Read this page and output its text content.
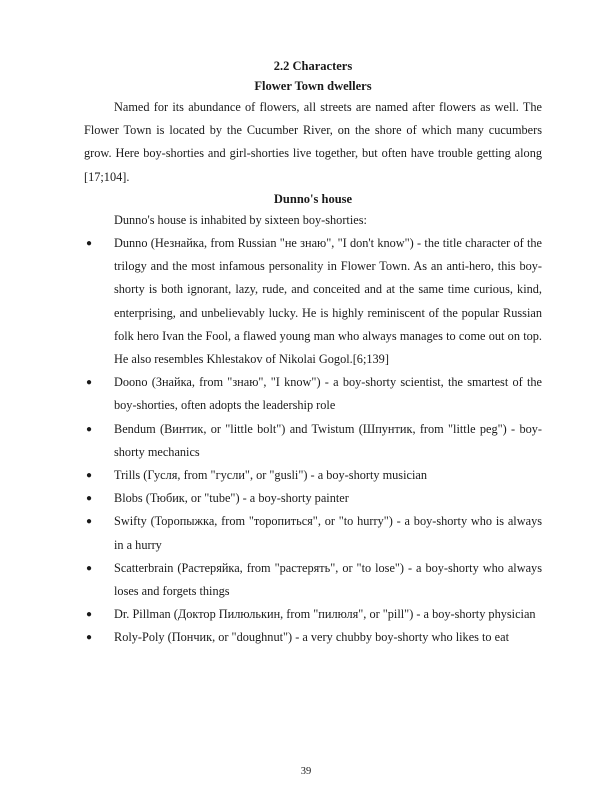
2.2 Characters
Flower Town dwellers

Named for its abundance of flowers, all streets are named after flowers as well. The Flower Town is located by the Cucumber River, on the shore of which many cucumbers grow. Here boy-shorties and girl-shorties live together, but often have trouble getting along [17;104].

Dunno's house

Dunno's house is inhabited by sixteen boy-shorties:

● Dunno (Незнайка, from Russian "не знаю", "I don't know") - the title character of the trilogy and the most infamous personality in Flower Town. As an anti-hero, this boy-shorty is both ignorant, lazy, rude, and conceited and at the same time curious, kind, enterprising, and unbelievably lucky. He is highly reminiscent of the popular Russian folk hero Ivan the Fool, a flawed young man who always manages to come out on top. He also resembles Khlestakov of Nikolai Gogol.[6;139]
● Doono (Знайка, from "знаю", "I know") - a boy-shorty scientist, the smartest of the boy-shorties, often adopts the leadership role
● Bendum (Винтик, or "little bolt") and Twistum (Шпунтик, from "little peg") - boy-shorty mechanics
● Trills (Гусля, from "гусли", or "gusli") - a boy-shorty musician
● Blobs (Тюбик, or "tube") - a boy-shorty painter
● Swifty (Торопыжка, from "торопиться", or "to hurry") - a boy-shorty who is always in a hurry
● Scatterbrain (Растеряйка, from "растерять", or "to lose") - a boy-shorty who always loses and forgets things
● Dr. Pillman (Доктор Пилюлькин, from "пилюля", or "pill") - a boy-shorty physician
● Roly-Poly (Пончик, or "doughnut") - a very chubby boy-shorty who likes to eat
39
